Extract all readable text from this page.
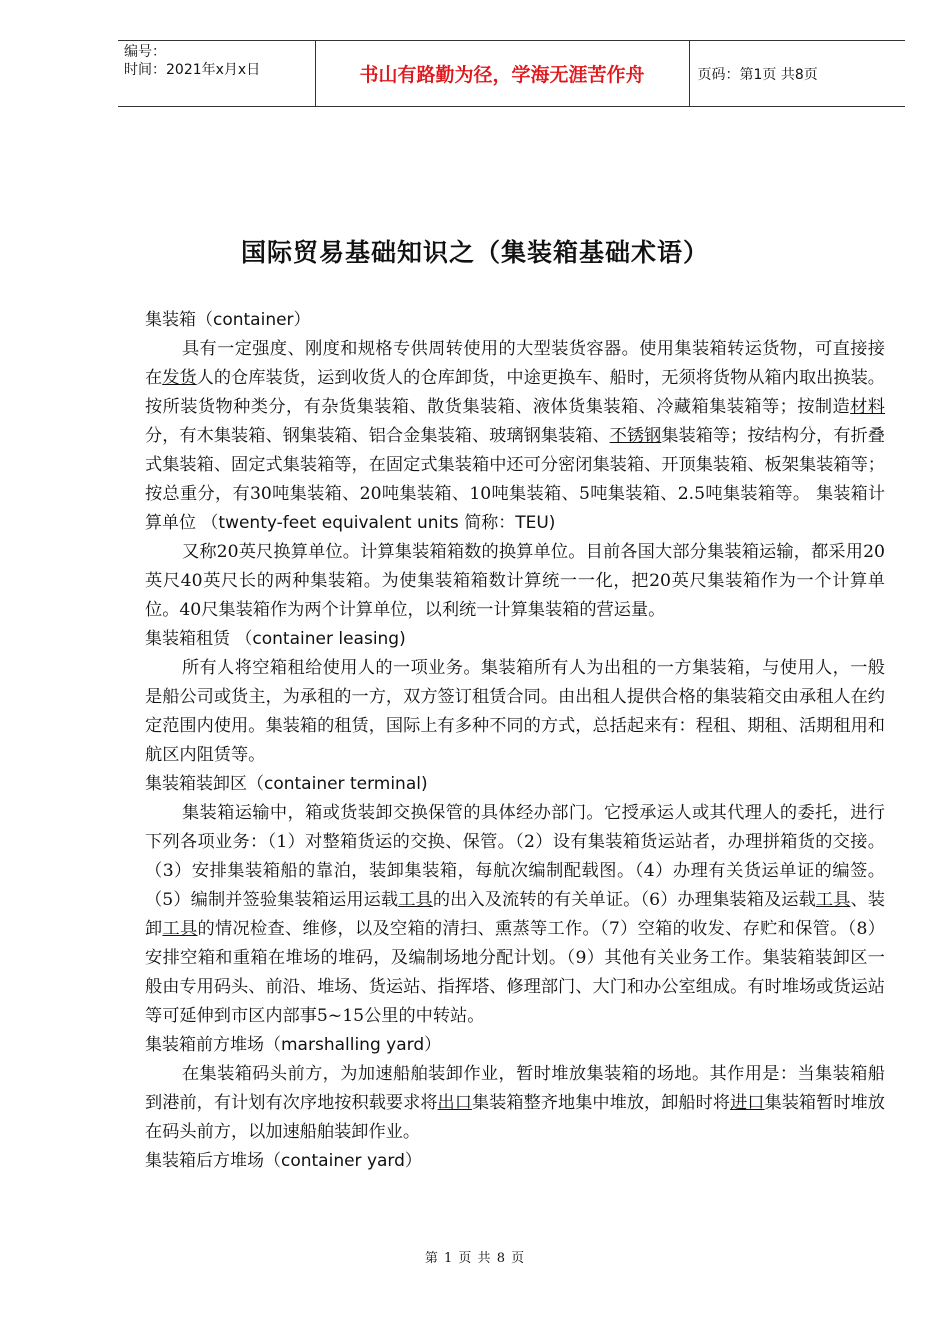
编号：
时间：2021年x月x日	书山有路勤为径，学海无涯苦作舟	页码：第1页 共8页
国际贸易基础知识之（集装箱基础术语）
集装箱（container）
具有一定强度、刚度和规格专供周转使用的大型装货容器。使用集装箱转运货物，可直接接在发货人的仓库装货，运到收货人的仓库卸货，中途更换车、船时，无须将货物从箱内取出换装。按所装货物种类分，有杂货集装箱、散货集装箱、液体货集装箱、冷藏箱集装箱等；按制造材料分，有木集装箱、钢集装箱、铝合金集装箱、玻璃钢集装箱、不锈钢集装箱等；按结构分，有折叠式集装箱、固定式集装箱等，在固定式集装箱中还可分密闭集装箱、开顶集装箱、板架集装箱等；按总重分，有30吨集装箱、20吨集装箱、10吨集装箱、5吨集装箱、2.5吨集装箱等。 集装箱计算单位 （twenty-feet equivalent units 简称：TEU)
又称20英尺换算单位。计算集装箱箱数的换算单位。目前各国大部分集装箱运输，都采用20英尺40英尺长的两种集装箱。为使集装箱箱数计算统一一化，把20英尺集装箱作为一个计算单位。40尺集装箱作为两个计算单位，以利统一计算集装箱的营运量。
集装箱租赁 （container leasing)
所有人将空箱租给使用人的一项业务。集装箱所有人为出租的一方集装箱，与使用人，一般是船公司或货主，为承租的一方，双方签订租赁合同。由出租人提供合格的集装箱交由承租人在约定范围内使用。集装箱的租赁，国际上有多种不同的方式，总括起来有：程租、期租、活期租用和航区内阻赁等。
集装箱装卸区（container terminal)
集装箱运输中，箱或货装卸交换保管的具体经办部门。它授承运人或其代理人的委托，进行下列各项业务：（1）对整箱货运的交换、保管。（2）设有集装箱货运站者，办理拼箱货的交接。（3）安排集装箱船的靠泊，装卸集装箱，每航次编制配载图。（4）办理有关货运单证的编签。（5）编制并签验集装箱运用运载工具的出入及流转的有关单证。（6）办理集装箱及运载工具、装卸工具的情况检查、维修，以及空箱的清扫、熏蒸等工作。（7）空箱的收发、存贮和保管。（8）安排空箱和重箱在堆场的堆码，及编制场地分配计划。（9）其他有关业务工作。集装箱装卸区一般由专用码头、前沿、堆场、货运站、指挥塔、修理部门、大门和办公室组成。有时堆场或货运站等可延伸到市区内部事5~15公里的中转站。
集装箱前方堆场（marshalling yard）
在集装箱码头前方，为加速船舶装卸作业，暂时堆放集装箱的场地。其作用是：当集装箱船到港前，有计划有次序地按积载要求将出口集装箱整齐地集中堆放，卸船时将进口集装箱暂时堆放在码头前方，以加速船舶装卸作业。
集装箱后方堆场（container yard）
第 1 页 共 8 页
